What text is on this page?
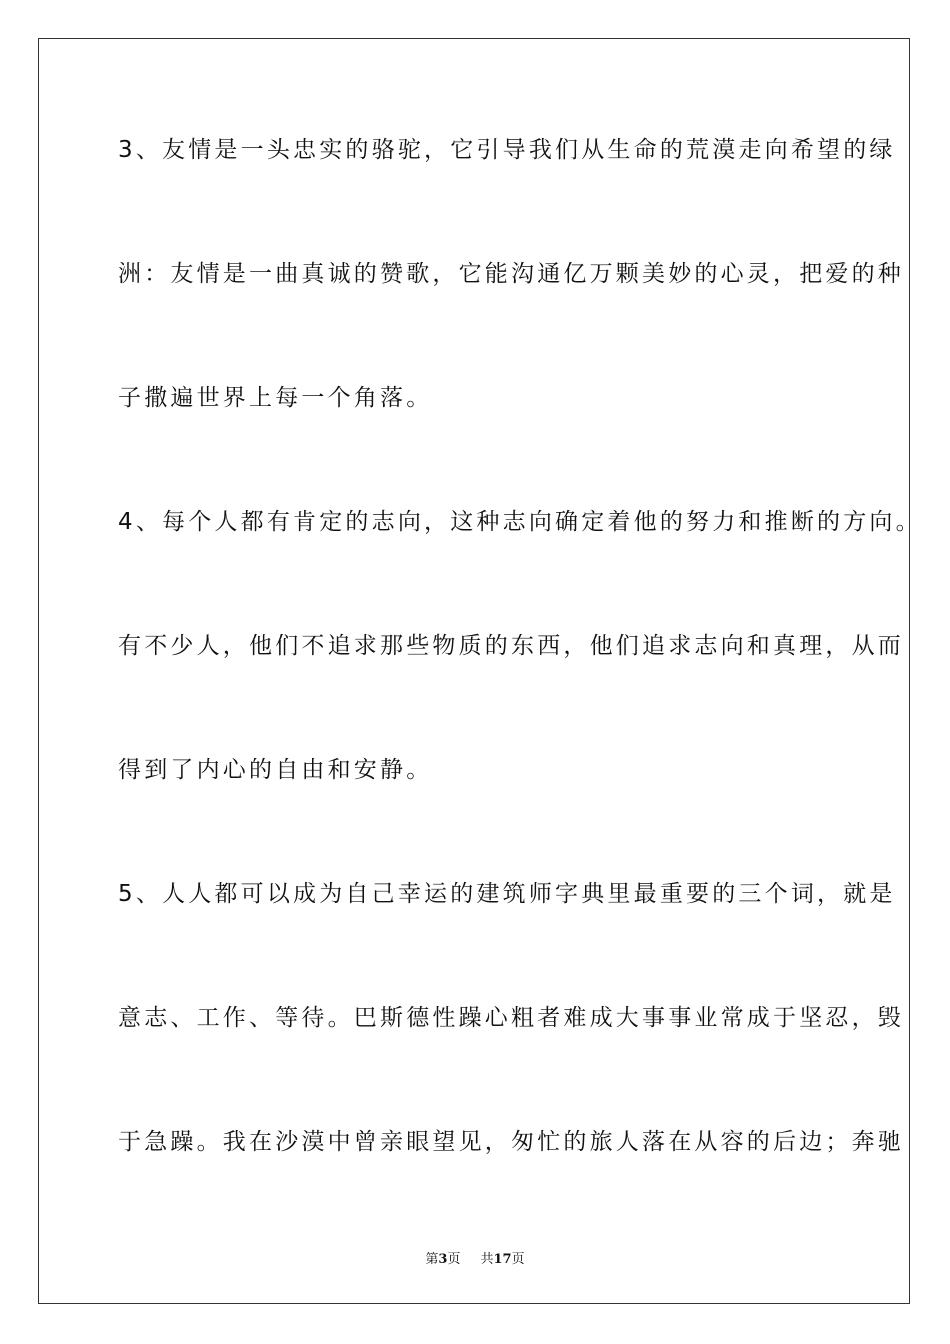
3、友情是一头忠实的骆驼，它引导我们从生命的荒漠走向希望的绿
洲：友情是一曲真诚的赞歌，它能沟通亿万颗美妙的心灵，把爱的种
子撒遍世界上每一个角落。
4、每个人都有肯定的志向，这种志向确定着他的努力和推断的方向。
有不少人，他们不追求那些物质的东西，他们追求志向和真理，从而
得到了内心的自由和安静。
5、人人都可以成为自己幸运的建筑师字典里最重要的三个词，就是
意志、工作、等待。巴斯德性躁心粗者难成大事事业常成于坚忍，毁
于急躁。我在沙漠中曾亲眼望见，匆忙的旅人落在从容的后边；奔驰
第3页 共17页
